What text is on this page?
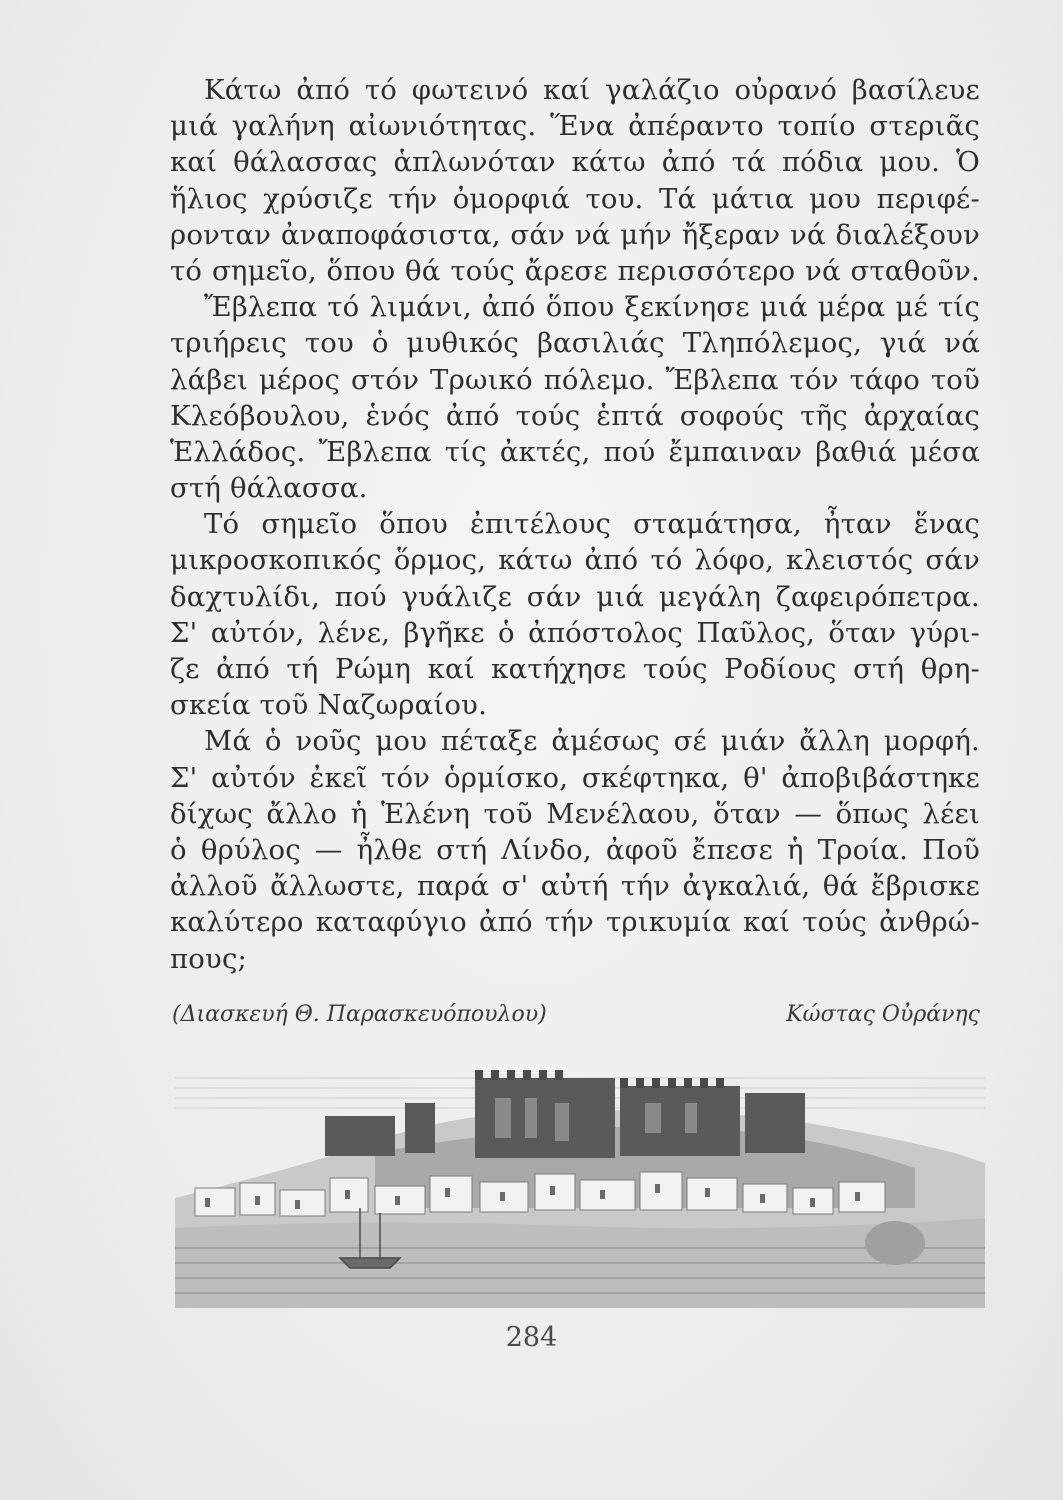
Κάτω ἀπό τό φωτεινό καί γαλάζιο οὐρανό βασίλευε
μιά γαλήνη αἰωνιότητας. Ἕνα ἀπέραντο τοπίο στεριᾶς
καί θάλασσας ἁπλωνόταν κάτω ἀπό τά πόδια μου. Ὁ
ἥλιος χρύσιζε τήν ὀμορφιά του. Τά μάτια μου περιφέ-
ρονταν ἀναποφάσιστα, σάν νά μήν ἤξεραν νά διαλέξουν
τό σημεῖο, ὅπου θά τούς ἄρεσε περισσότερο νά σταθοῦν.

Ἔβλεπα τό λιμάνι, ἀπό ὅπου ξεκίνησε μιά μέρα μέ τίς
τριήρεις του ὁ μυθικός βασιλιάς Τληπόλεμος, γιά νά
λάβει μέρος στόν Τρωικό πόλεμο. Ἔβλεπα τόν τάφο τοῦ
Κλεόβουλου, ἑνός ἀπό τούς ἑπτά σοφούς τῆς ἀρχαίας
Ἑλλάδος. Ἔβλεπα τίς ἀκτές, πού ἔμπαιναν βαθιά μέσα
στή θάλασσα.

Τό σημεῖο ὅπου ἐπιτέλους σταμάτησα, ἦταν ἕνας
μικροσκοπικός ὅρμος, κάτω ἀπό τό λόφο, κλειστός σάν
δαχτυλίδι, πού γυάλιζε σάν μιά μεγάλη ζαφειρόπετρα.
Σ' αὐτόν, λένε, βγῆκε ὁ ἀπόστολος Παῦλος, ὅταν γύρι-
ζε ἀπό τή Ρώμη καί κατήχησε τούς Ροδίους στή θρη-
σκεία τοῦ Ναζωραίου.

Μά ὁ νοῦς μου πέταξε ἀμέσως σέ μιάν ἄλλη μορφή.
Σ' αὐτόν ἐκεῖ τόν ὁρμίσκο, σκέφτηκα, θ' ἀποβιβάστηκε
δίχως ἄλλο ἡ Ἑλένη τοῦ Μενέλαου, ὅταν — ὅπως λέει
ὁ θρύλος — ἦλθε στή Λίνδο, ἀφοῦ ἔπεσε ἡ Τροία. Ποῦ
ἀλλοῦ ἄλλωστε, παρά σ' αὐτή τήν ἀγκαλιά, θά ἔβρισκε
καλύτερο καταφύγιο ἀπό τήν τρικυμία καί τούς ἀνθρώ-
πους;

(Διασκευή Θ. Παρασκευόπουλου)	Κώστας Οὐράνης
284
